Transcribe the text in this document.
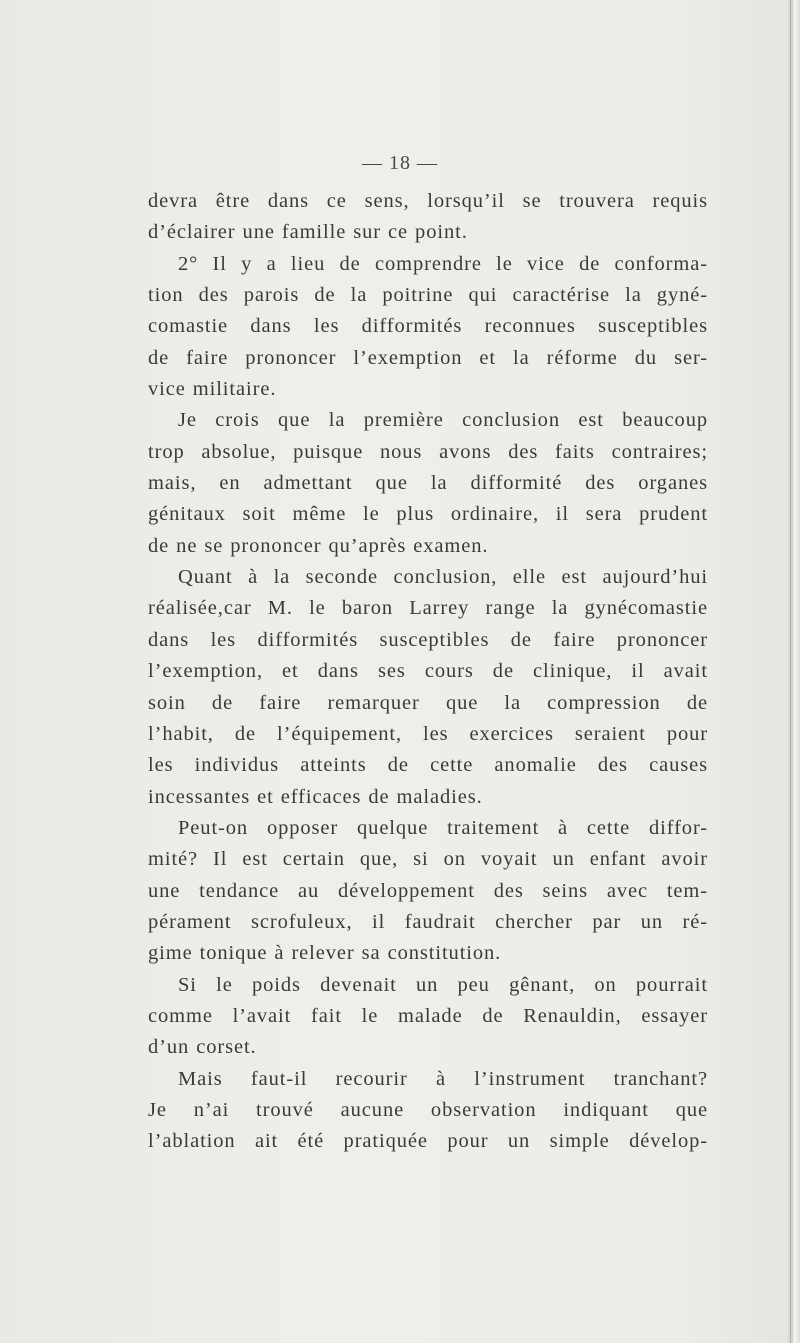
— 18 —
devra être dans ce sens, lorsqu’il se trouvera requis
d’éclairer une famille sur ce point.
2° Il y a lieu de comprendre le vice de conforma-
tion des parois de la poitrine qui caractérise la gyné-
comastie dans les difformités reconnues susceptibles
de faire prononcer l’exemption et la réforme du ser-
vice militaire.
Je crois que la première conclusion est beaucoup
trop absolue, puisque nous avons des faits contraires;
mais, en admettant que la difformité des organes
génitaux soit même le plus ordinaire, il sera prudent
de ne se prononcer qu’après examen.
Quant à la seconde conclusion, elle est aujourd’hui
réalisée,car M. le baron Larrey range la gynécomastie
dans les difformités susceptibles de faire prononcer
l’exemption, et dans ses cours de clinique, il avait
soin de faire remarquer que la compression de
l’habit, de l’équipement, les exercices seraient pour
les individus atteints de cette anomalie des causes
incessantes et efficaces de maladies.
Peut-on opposer quelque traitement à cette diffor-
mité? Il est certain que, si on voyait un enfant avoir
une tendance au développement des seins avec tem-
pérament scrofuleux, il faudrait chercher par un ré-
gime tonique à relever sa constitution.
Si le poids devenait un peu gênant, on pourrait
comme l’avait fait le malade de Renauldin, essayer
d’un corset.
Mais faut-il recourir à l’instrument tranchant?
Je n’ai trouvé aucune observation indiquant que
l’ablation ait été pratiquée pour un simple dévelop-
